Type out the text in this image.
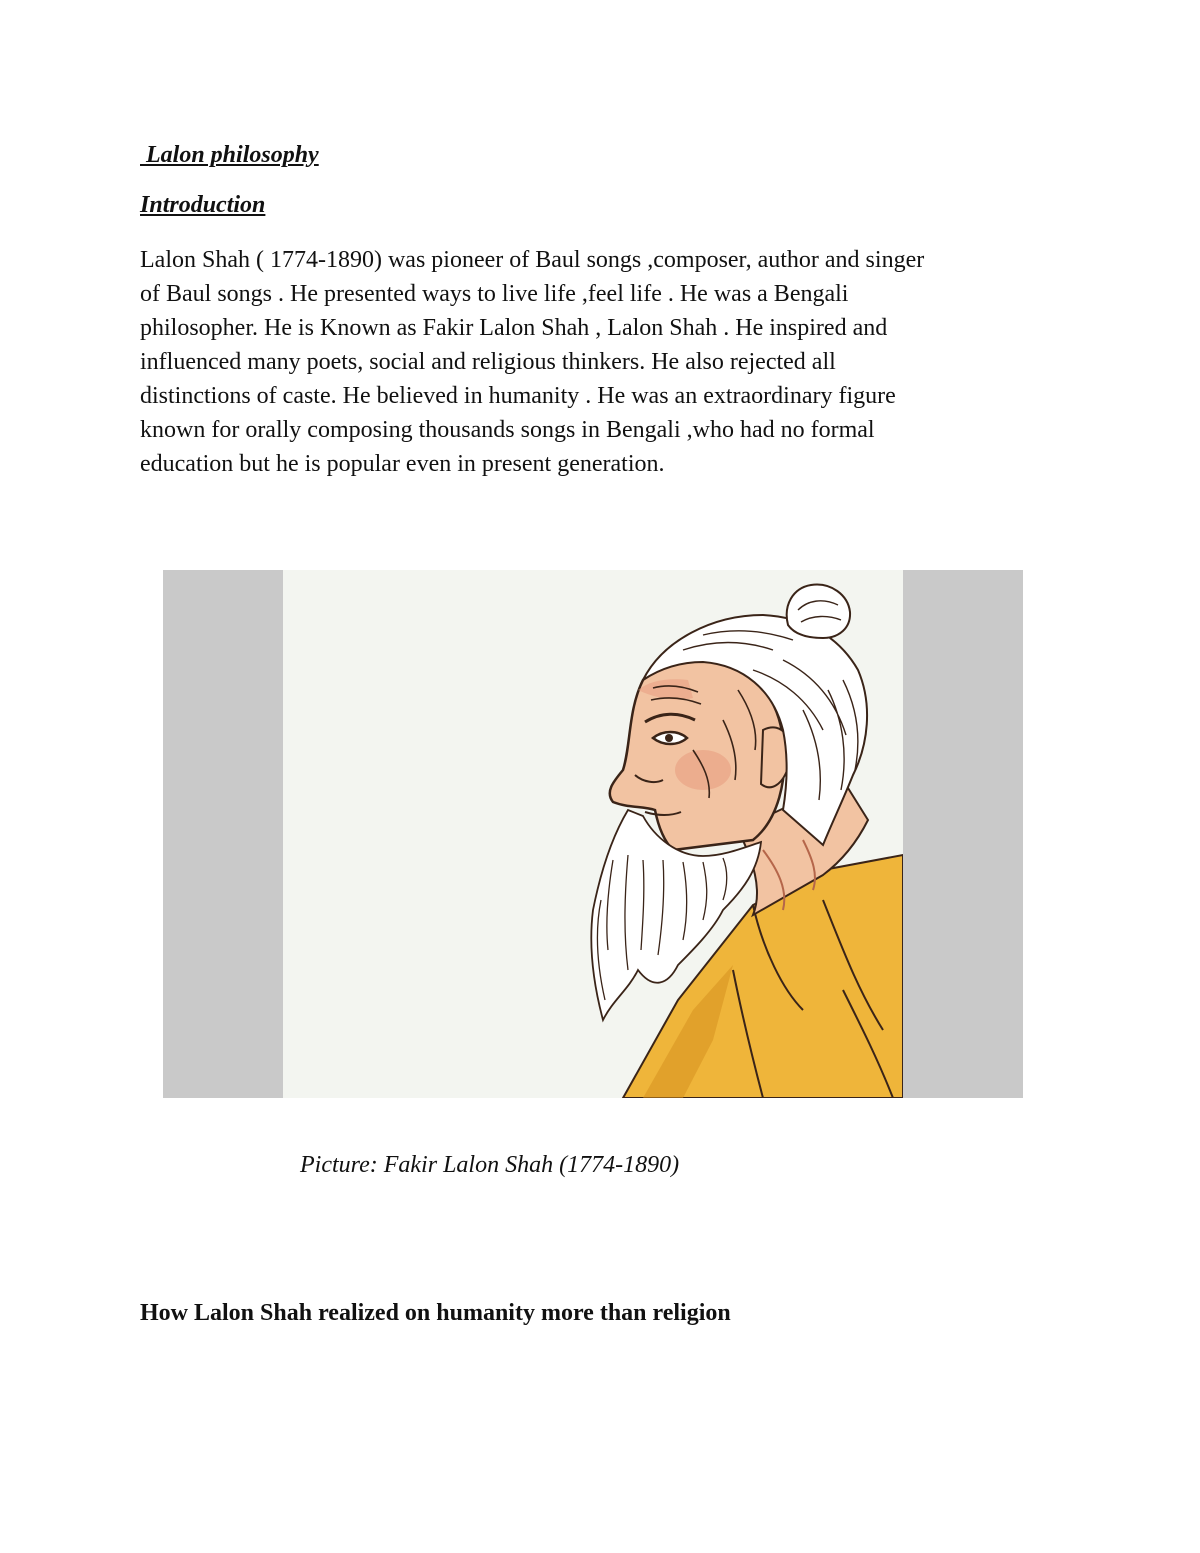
Lalon philosophy
Introduction

Lalon Shah ( 1774-1890) was pioneer of Baul songs ,composer, author and singer
of Baul songs . He presented ways to live life ,feel life . He was a Bengali
philosopher. He is Known as Fakir Lalon Shah , Lalon Shah . He inspired and
influenced many poets, social and religious thinkers. He also rejected all
distinctions of caste. He believed in humanity . He was an extraordinary figure
known for orally composing thousands songs in Bengali ,who had no formal
education but he is popular even in present generation.

Picture: Fakir Lalon Shah (1774-1890)

How Lalon Shah realized on humanity more than religion
